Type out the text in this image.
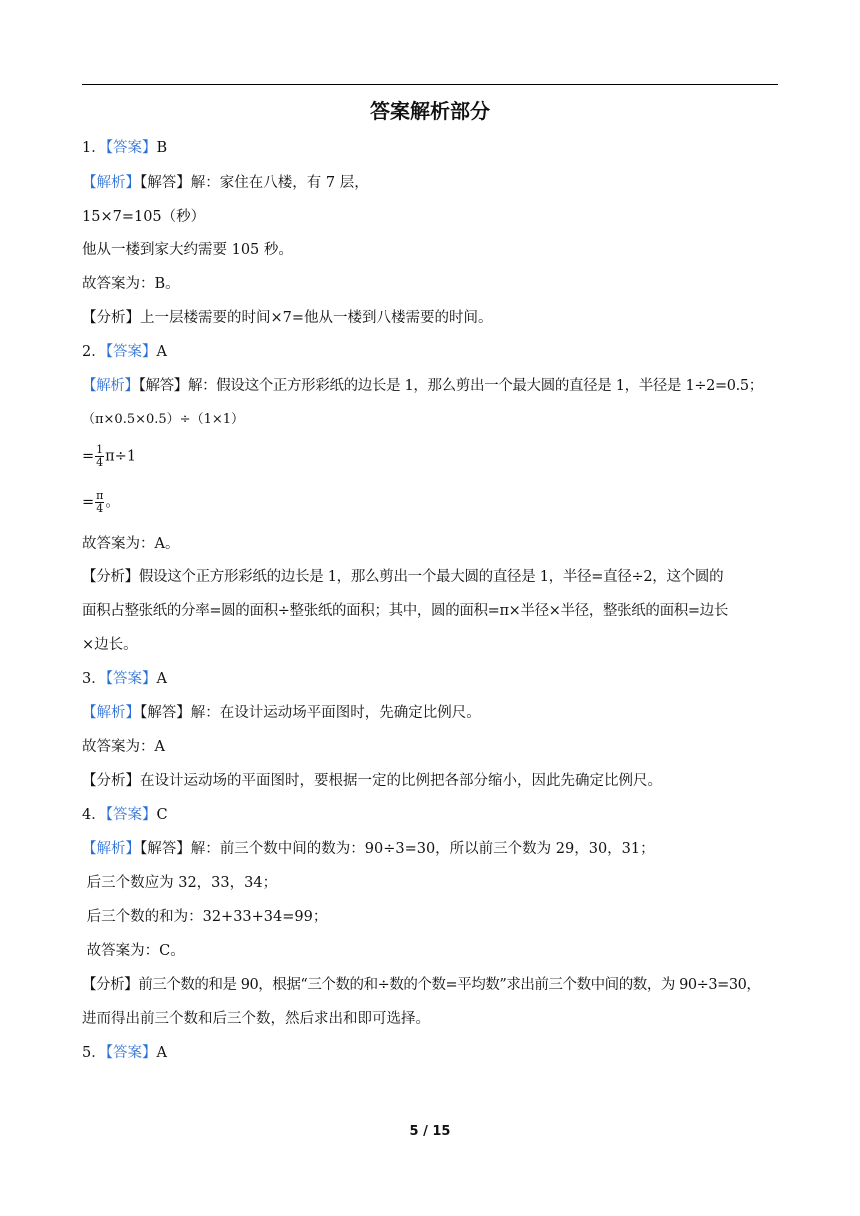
答案解析部分
1．【答案】B
【解析】【解答】解：家住在八楼，有 7 层，
15×7=105（秒）
他从一楼到家大约需要 105 秒。
故答案为：B。
【分析】上一层楼需要的时间×7=他从一楼到八楼需要的时间。
2．【答案】A
【解析】【解答】解：假设这个正方形彩纸的边长是 1，那么剪出一个最大圆的直径是 1，半径是 1÷2=0.5；
（π×0.5×0.5）÷（1×1）
= $\frac{1}{4} \pi\div 1$
= $\frac{\pi}{4}$ 。
故答案为：A。
【分析】假设这个正方形彩纸的边长是 1，那么剪出一个最大圆的直径是 1，半径=直径÷2，这个圆的
面积占整张纸的分率=圆的面积÷整张纸的面积；其中，圆的面积=π×半径×半径，整张纸的面积=边长
×边长。
3．【答案】A
【解析】【解答】解：在设计运动场平面图时，先确定比例尺。
故答案为：A
【分析】在设计运动场的平面图时，要根据一定的比例把各部分缩小，因此先确定比例尺。
4．【答案】C
【解析】【解答】解：前三个数中间的数为：90÷3=30，所以前三个数为 29，30，31；
后三个数应为 32，33，34；
后三个数的和为：32+33+34=99；
故答案为：C。
【分析】前三个数的和是 90，根据“三个数的和÷数的个数=平均数”求出前三个数中间的数，为 90÷3=30，
进而得出前三个数和后三个数，然后求出和即可选择。
5．【答案】A
5 / 15
